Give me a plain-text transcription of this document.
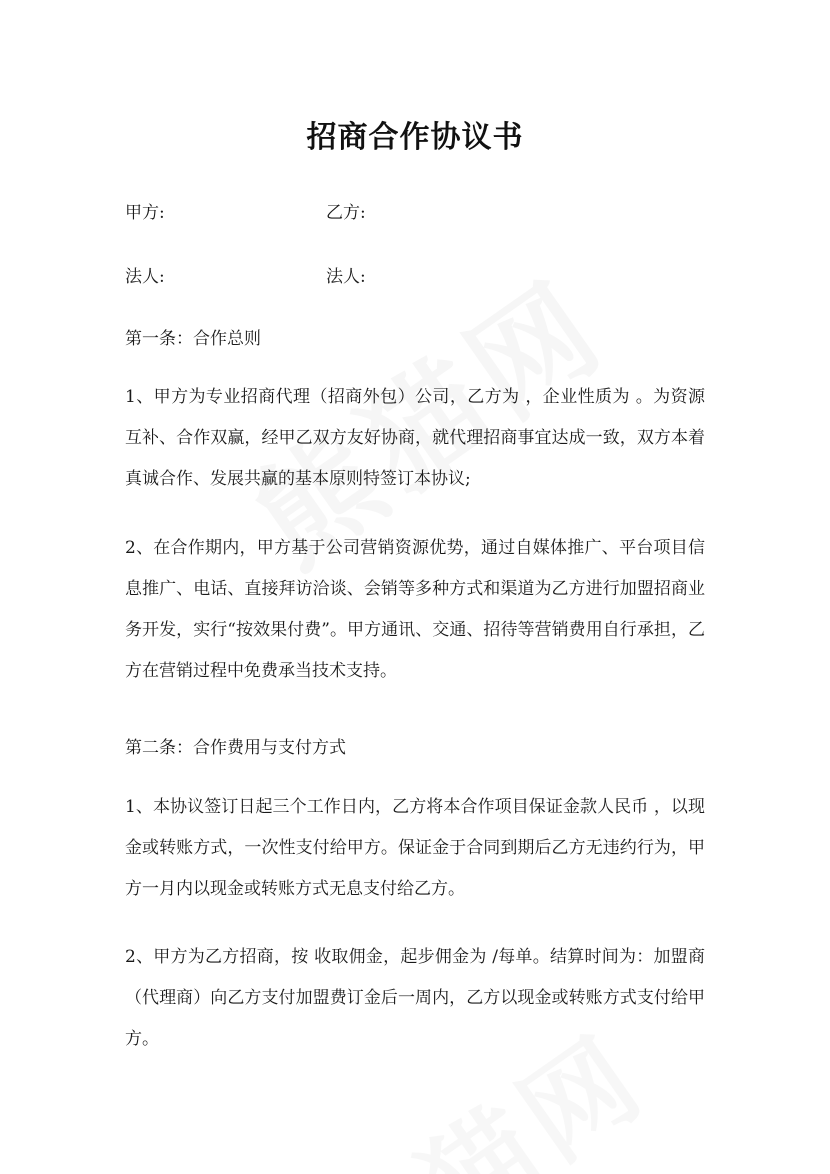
招商合作协议书
甲方:	乙方:
法人:	法人:
第一条：合作总则
1、甲方为专业招商代理（招商外包）公司，乙方为 ，企业性质为 。为资源互补、合作双赢，经甲乙双方友好协商，就代理招商事宜达成一致，双方本着真诚合作、发展共赢的基本原则特签订本协议;
2、在合作期内，甲方基于公司营销资源优势，通过自媒体推广、平台项目信息推广、电话、直接拜访洽谈、会销等多种方式和渠道为乙方进行加盟招商业务开发，实行“按效果付费”。甲方通讯、交通、招待等营销费用自行承担，乙方在营销过程中免费承当技术支持。
第二条：合作费用与支付方式
1、本协议签订日起三个工作日内，乙方将本合作项目保证金款人民币 ，以现金或转账方式，一次性支付给甲方。保证金于合同到期后乙方无违约行为，甲方一月内以现金或转账方式无息支付给乙方。
2、甲方为乙方招商，按 收取佣金，起步佣金为 /每单。结算时间为：加盟商（代理商）向乙方支付加盟费订金后一周内，乙方以现金或转账方式支付给甲方。
